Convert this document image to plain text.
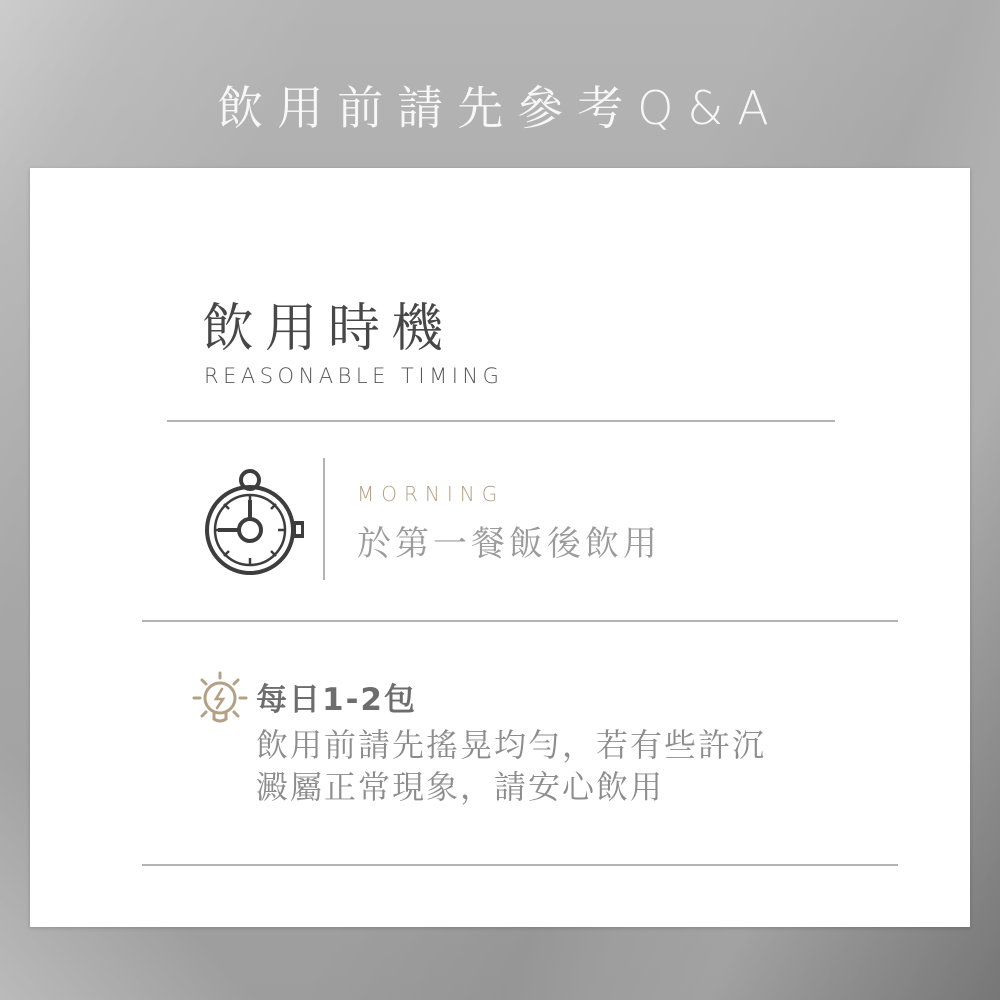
飲用前請先參考Q&A
飲用時機
REASONABLE TIMING
MORNING
於第一餐飯後飲用
每日1-2包
飲用前請先搖晃均勻，若有些許沉
澱屬正常現象，請安心飲用
